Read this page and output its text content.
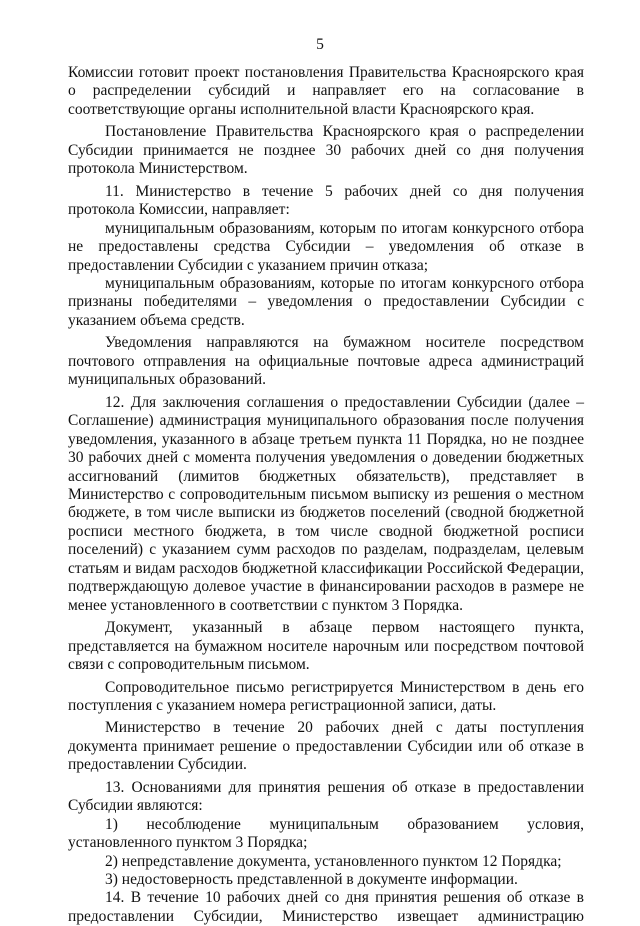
5

Комиссии готовит проект постановления Правительства Красноярского края о распределении субсидий и направляет его на согласование в соответствующие органы исполнительной власти Красноярского края.

Постановление Правительства Красноярского края о распределении Субсидии принимается не позднее 30 рабочих дней со дня получения протокола Министерством.

11. Министерство в течение 5 рабочих дней со дня получения протокола Комиссии, направляет:

муниципальным образованиям, которым по итогам конкурсного отбора не предоставлены средства Субсидии – уведомления об отказе в предоставлении Субсидии с указанием причин отказа;

муниципальным образованиям, которые по итогам конкурсного отбора признаны победителями – уведомления о предоставлении Субсидии с указанием объема средств.

Уведомления направляются на бумажном носителе посредством почтового отправления на официальные почтовые адреса администраций муниципальных образований.

12. Для заключения соглашения о предоставлении Субсидии (далее – Соглашение) администрация муниципального образования после получения уведомления, указанного в абзаце третьем пункта 11 Порядка, но не позднее 30 рабочих дней с момента получения уведомления о доведении бюджетных ассигнований (лимитов бюджетных обязательств), представляет в Министерство с сопроводительным письмом выписку из решения о местном бюджете, в том числе выписки из бюджетов поселений (сводной бюджетной росписи местного бюджета, в том числе сводной бюджетной росписи поселений) с указанием сумм расходов по разделам, подразделам, целевым статьям и видам расходов бюджетной классификации Российской Федерации, подтверждающую долевое участие в финансировании расходов в размере не менее установленного в соответствии с пунктом 3 Порядка.

Документ, указанный в абзаце первом настоящего пункта, представляется на бумажном носителе нарочным или посредством почтовой связи с сопроводительным письмом.

Сопроводительное письмо регистрируется Министерством в день его поступления с указанием номера регистрационной записи, даты.

Министерство в течение 20 рабочих дней с даты поступления документа принимает решение о предоставлении Субсидии или об отказе в предоставлении Субсидии.

13. Основаниями для принятия решения об отказе в предоставлении Субсидии являются:

1) несоблюдение муниципальным образованием условия, установленного пунктом 3 Порядка;

2) непредставление документа, установленного пунктом 12 Порядка;

3) недостоверность представленной в документе информации.

14. В течение 10 рабочих дней со дня принятия решения об отказе в предоставлении Субсидии, Министерство извещает администрацию
